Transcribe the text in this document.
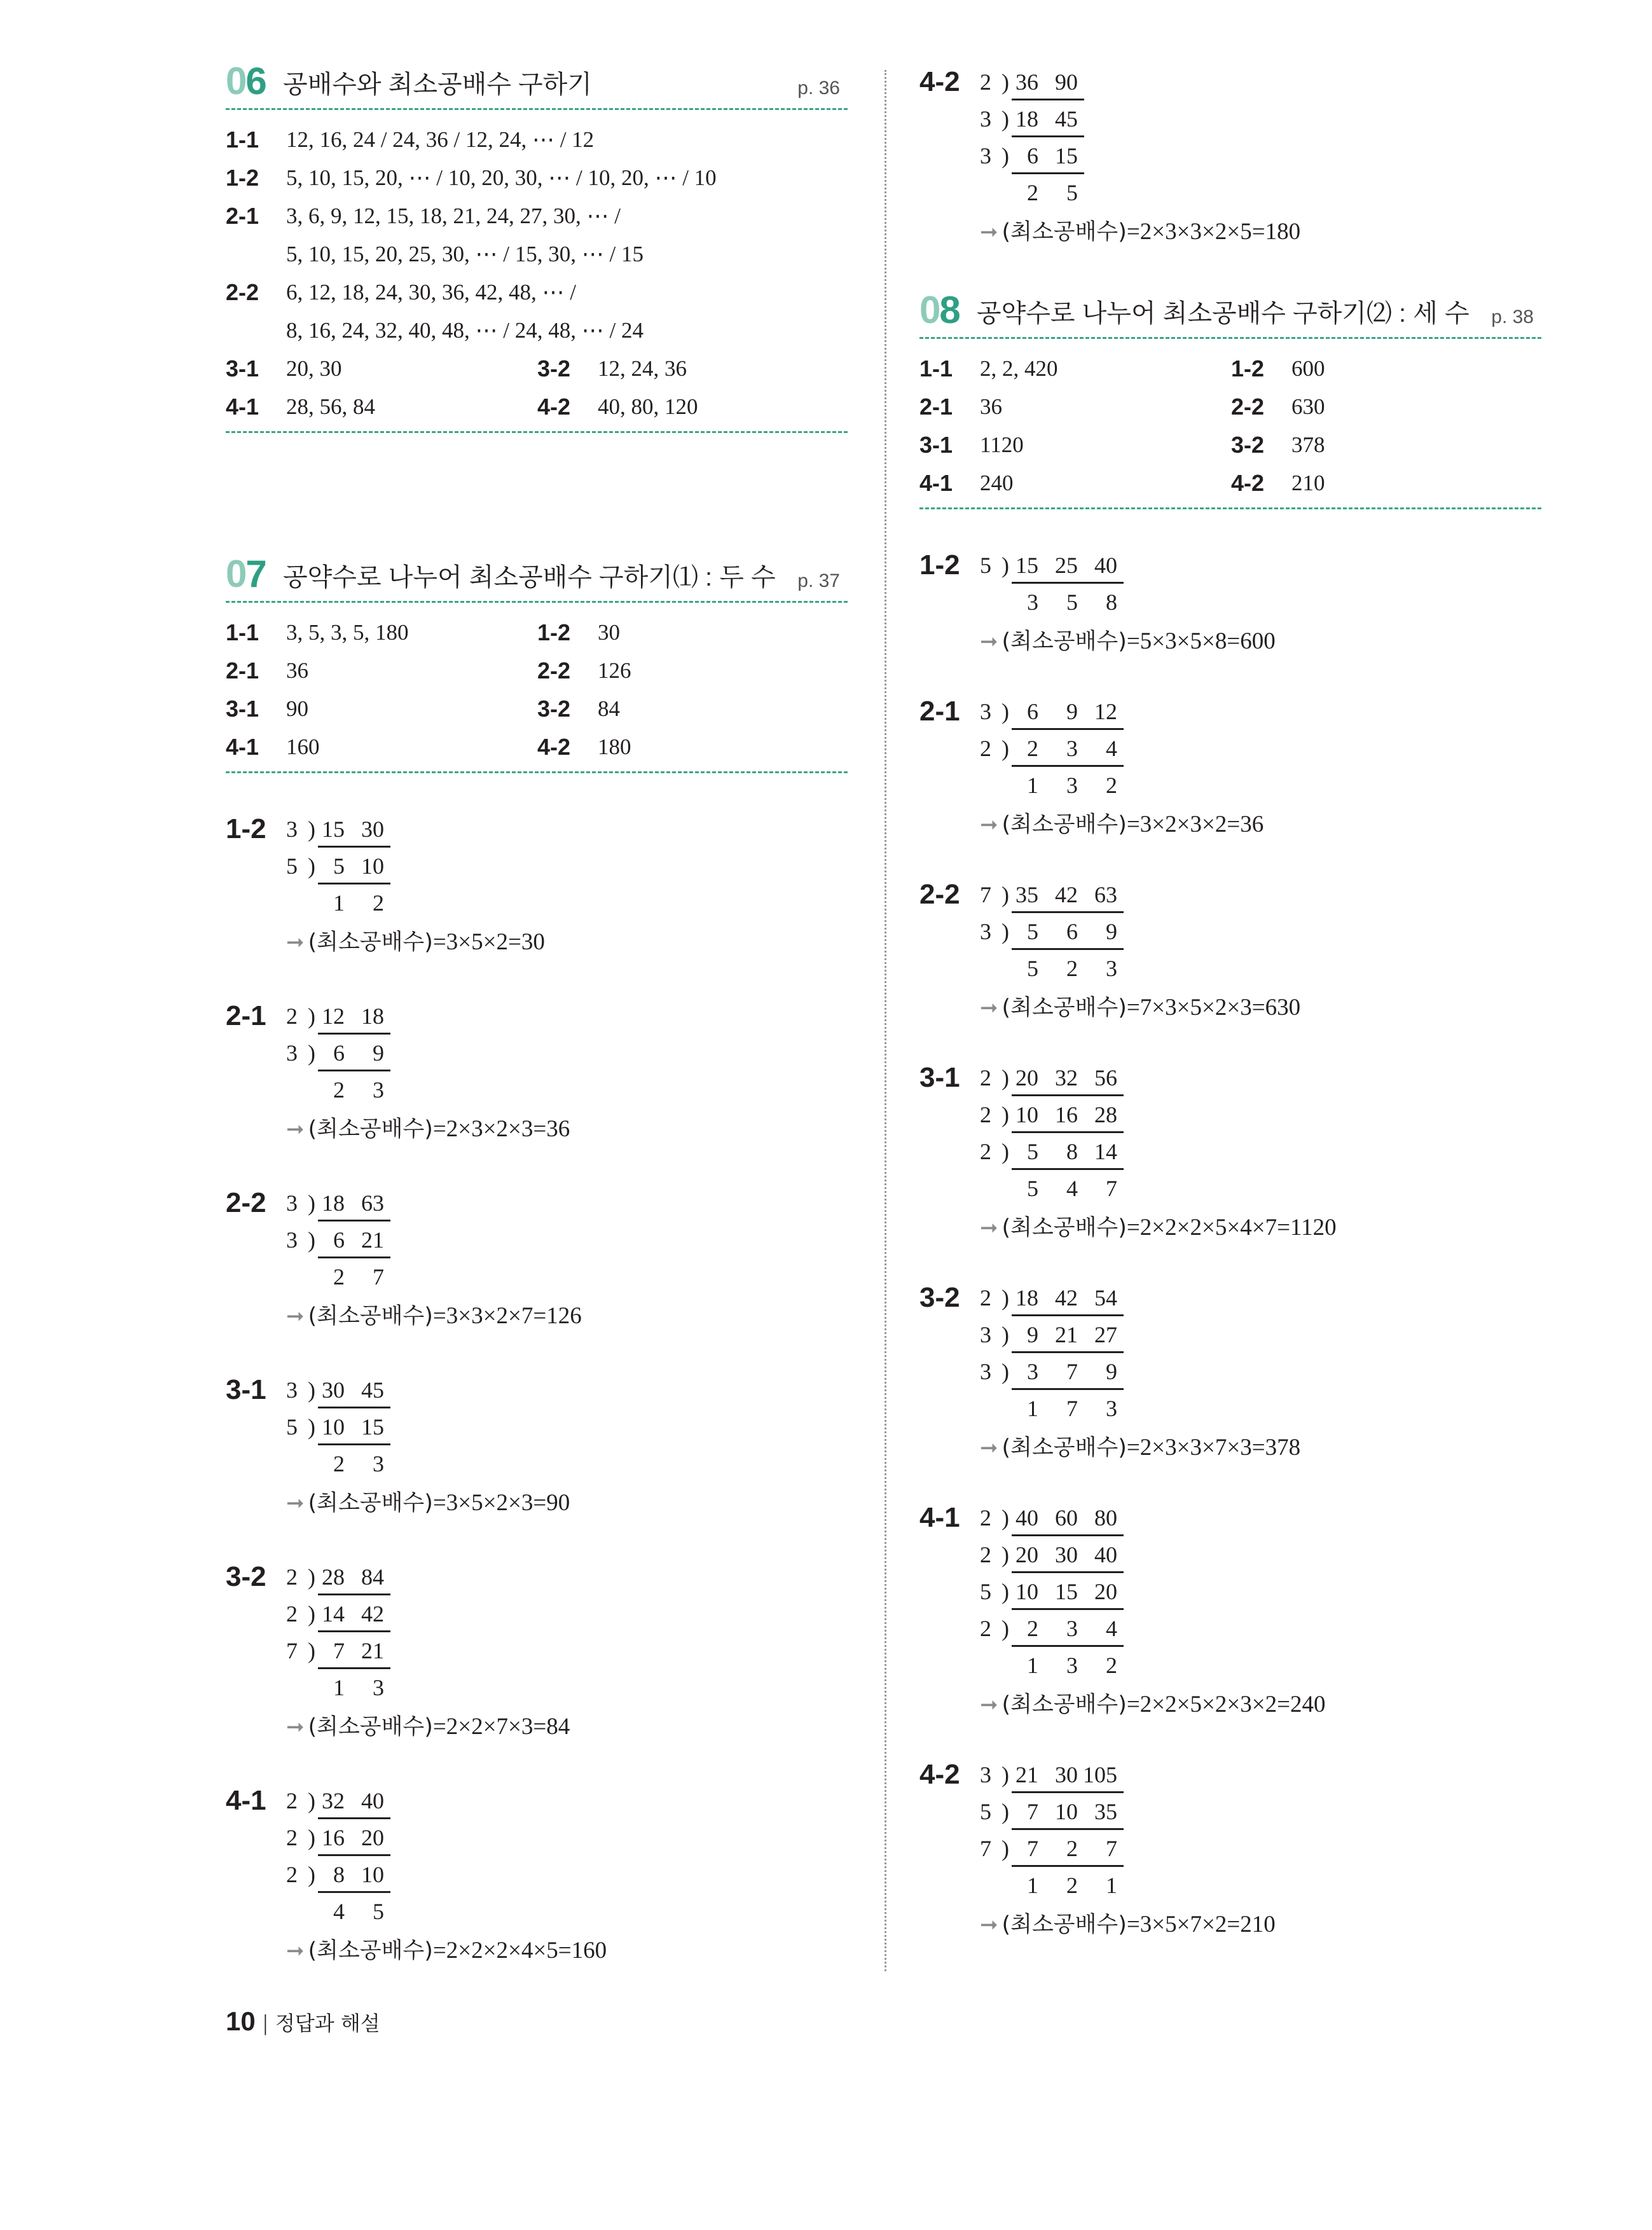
06 공배수와 최소공배수 구하기	p. 36
1-1 12, 16, 24 / 24, 36 / 12, 24, ⋯ / 12
1-2 5, 10, 15, 20, ⋯ / 10, 20, 30, ⋯ / 10, 20, ⋯ / 10
2-1 3, 6, 9, 12, 15, 18, 21, 24, 27, 30, ⋯ /
5, 10, 15, 20, 25, 30, ⋯ / 15, 30, ⋯ / 15
2-2 6, 12, 18, 24, 30, 36, 42, 48, ⋯ /
8, 16, 24, 32, 40, 48, ⋯ / 24, 48, ⋯ / 24
3-1 20, 30	3-2 12, 24, 36
4-1 28, 56, 84	4-2 40, 80, 120
07 공약수로 나누어 최소공배수 구하기⑴ : 두 수 p. 37
1-1 3, 5, 3, 5, 180	1-2 30
2-1 36	2-2 126
3-1 90	3-2 84
4-1 160	4-2 180
1-2 3 ) 15 30
5 ) 5 10
1 2
➞ (최소공배수)=3×5×2=30
2-1 2 ) 12 18
3 ) 6 9
2 3
➞ (최소공배수)=2×3×2×3=36
2-2 3 ) 18 63
3 ) 6 21
2 7
➞ (최소공배수)=3×3×2×7=126
3-1 3 ) 30 45
5 ) 10 15
2 3
➞ (최소공배수)=3×5×2×3=90
3-2 2 ) 28 84
2 ) 14 42
7 ) 7 21
1 3
➞ (최소공배수)=2×2×7×3=84
4-1 2 ) 32 40
2 ) 16 20
2 ) 8 10
4 5
➞ (최소공배수)=2×2×2×4×5=160
4-2 2 ) 36 90
3 ) 18 45
3 ) 6 15
2 5
➞ (최소공배수)=2×3×3×2×5=180
08 공약수로 나누어 최소공배수 구하기⑵ : 세 수 p. 38
1-1 2, 2, 420	1-2 600
2-1 36	2-2 630
3-1 1120	3-2 378
4-1 240	4-2 210
1-2 5 ) 15 25 40
3 5 8
➞ (최소공배수)=5×3×5×8=600
2-1 3 ) 6 9 12
2 ) 2 3 4
1 3 2
➞ (최소공배수)=3×2×3×2=36
2-2 7 ) 35 42 63
3 ) 5 6 9
5 2 3
➞ (최소공배수)=7×3×5×2×3=630
3-1 2 ) 20 32 56
2 ) 10 16 28
2 ) 5 8 14
5 4 7
➞ (최소공배수)=2×2×2×5×4×7=1120
3-2 2 ) 18 42 54
3 ) 9 21 27
3 ) 3 7 9
1 7 3
➞ (최소공배수)=2×3×3×7×3=378
4-1 2 ) 40 60 80
2 ) 20 30 40
5 ) 10 15 20
2 ) 2 3 4
1 3 2
➞ (최소공배수)=2×2×5×2×3×2=240
4-2 3 ) 21 30 105
5 ) 7 10 35
7 ) 7 2 7
1 2 1
➞ (최소공배수)=3×5×7×2=210
10 | 정답과 해설
